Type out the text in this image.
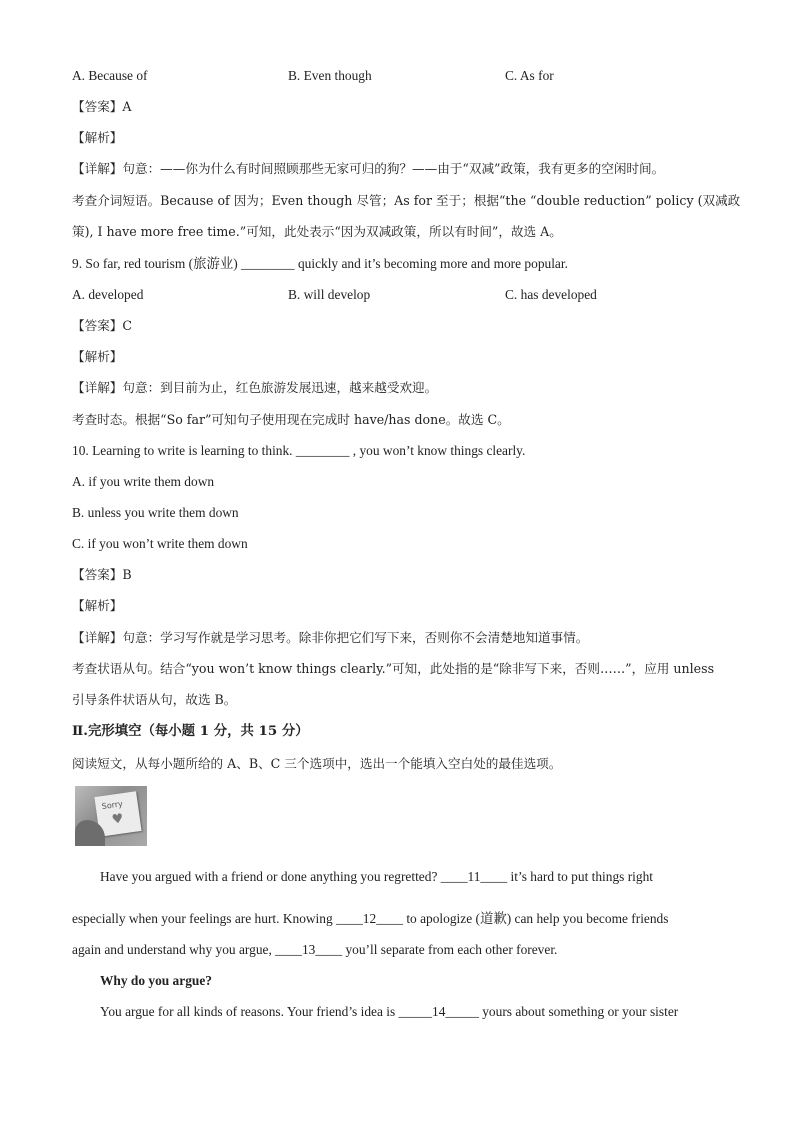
A. Because of	B. Even though	C. As for
【答案】A
【解析】
【详解】句意：——你为什么有时间照顾那些无家可归的狗？——由于“双减”政策，我有更多的空闲时间。
考查介词短语。Because of 因为；Even though 尽管；As for 至于；根据“the “double reduction” policy (双减政
策), I have more free time.”可知，此处表示“因为双减政策，所以有时间”，故选 A。
9. So far, red tourism (旅游业) ________ quickly and it’s becoming more and more popular.
A. developed	B. will develop	C. has developed
【答案】C
【解析】
【详解】句意：到目前为止，红色旅游发展迅速，越来越受欢迎。
考查时态。根据“So far”可知句子使用现在完成时 have/has done。故选 C。
10. Learning to write is learning to think. ________ , you won’t know things clearly.
A. if you write them down
B. unless you write them down
C. if you won’t write them down
【答案】B
【解析】
【详解】句意：学习写作就是学习思考。除非你把它们写下来，否则你不会清楚地知道事情。
考查状语从句。结合“you won’t know things clearly.”可知，此处指的是“除非写下来，否则……”，应用 unless
引导条件状语从句，故选 B。
Ⅱ.完形填空（每小题 1 分，共 15 分）
阅读短文，从每小题所给的 A、B、C 三个选项中，选出一个能填入空白处的最佳选项。
Sorry
♥
Have you argued with a friend or done anything you regretted? ____11____ it’s hard to put things right
especially when your feelings are hurt. Knowing ____12____ to apologize (道歉) can help you become friends
again and understand why you argue, ____13____ you’ll separate from each other forever.
Why do you argue?
You argue for all kinds of reasons. Your friend’s idea is _____14_____ yours about something or your sister
